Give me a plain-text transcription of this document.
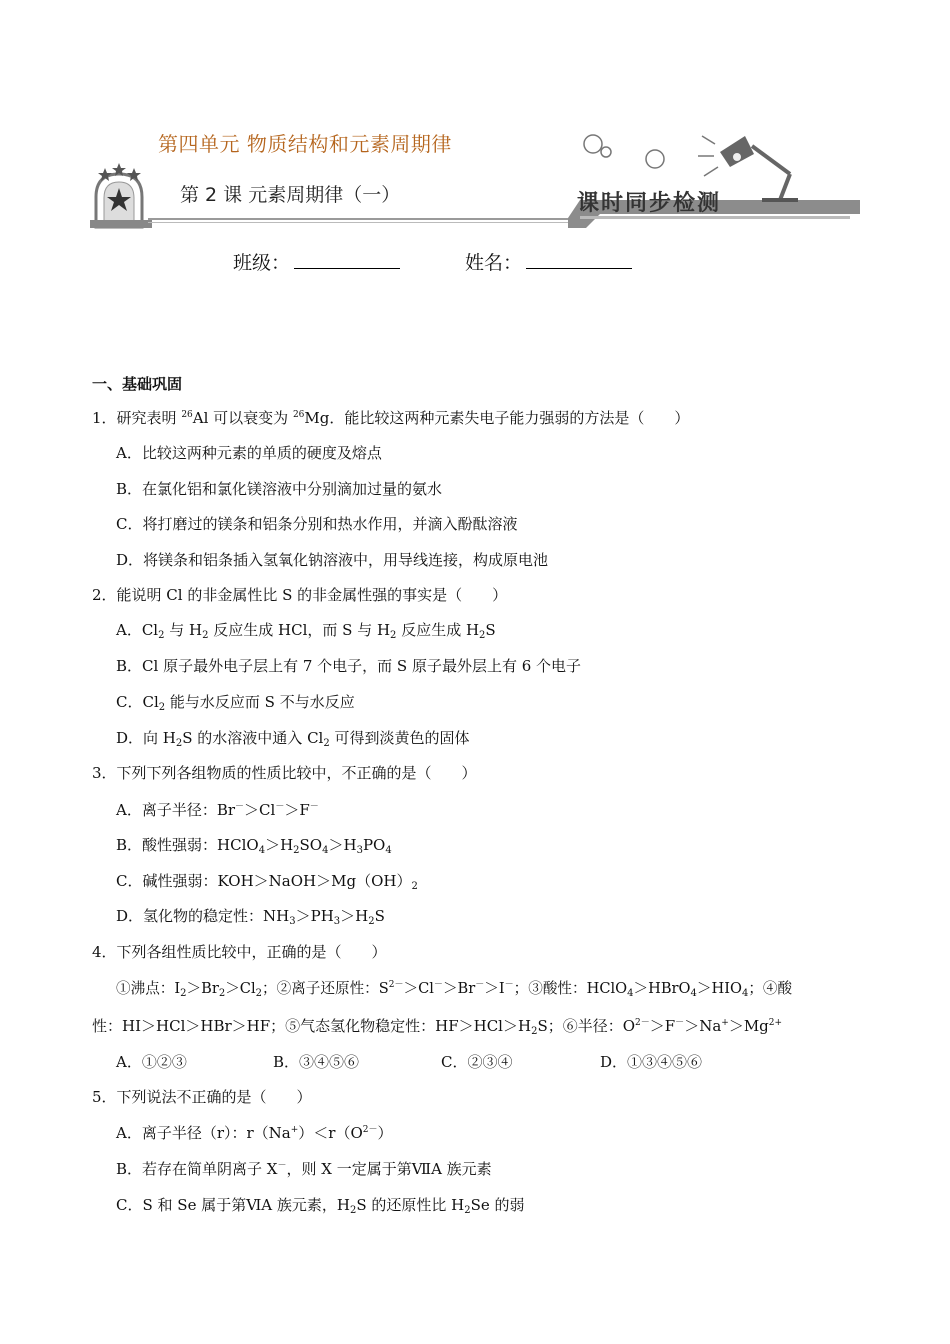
第四单元 物质结构和元素周期律
第 2 课 元素周期律（一）	课时同步检测
班级：	姓名：
一、基础巩固
1．研究表明 $^{26}$Al 可以衰变为 $^{26}$Mg．能比较这两种元素失电子能力强弱的方法是（　　）
A．比较这两种元素的单质的硬度及熔点
B．在氯化铝和氯化镁溶液中分别滴加过量的氨水
C．将打磨过的镁条和铝条分别和热水作用，并滴入酚酞溶液
D．将镁条和铝条插入氢氧化钠溶液中，用导线连接，构成原电池
2．能说明 Cl 的非金属性比 S 的非金属性强的事实是（　　）
A．$Cl_2$ 与 $H_2$ 反应生成 HCl，而 S 与 $H_2$ 反应生成 $H_2S$
B．Cl 原子最外电子层上有 7 个电子，而 S 原子最外层上有 6 个电子
C．$Cl_2$ 能与水反应而 S 不与水反应
D．向 $H_2S$ 的水溶液中通入 $Cl_2$ 可得到淡黄色的固体
3．下列下列各组物质的性质比较中，不正确的是（　　）
A．离子半径：Br－＞Cl－＞F－
B．酸性强弱：$HClO_4>H_2SO_4>H_3PO_4$
C．碱性强弱：$KOH>NaOH>Mg(OH)_2$
D．氢化物的稳定性：$NH_3>PH_3>H_2S$
4．下列各组性质比较中，正确的是（　　）
①沸点：$I_2>Br_2>Cl_2$；②离子还原性：$S^{2-}>Cl^->Br^->I^-$；③酸性：$HClO_4>HBrO_4>HIO_4$；④酸
性：HI＞HCl＞HBr＞HF；⑤气态氢化物稳定性：$HF>HCl>H_2S$；⑥半径：$O^{2-}>F^->Na^+>Mg^{2+}$
A．①②③	B．③④⑤⑥	C．②③④	D．①③④⑤⑥
5．下列说法不正确的是（　　）
A．离子半径（r）：$r(Na^+)<r(O^{2-})$
B．若存在简单阴离子 X－，则 X 一定属于第ⅦA 族元素
C．S 和 Se 属于第ⅥA 族元素，$H_2S$ 的还原性比 $H_2Se$ 的弱
